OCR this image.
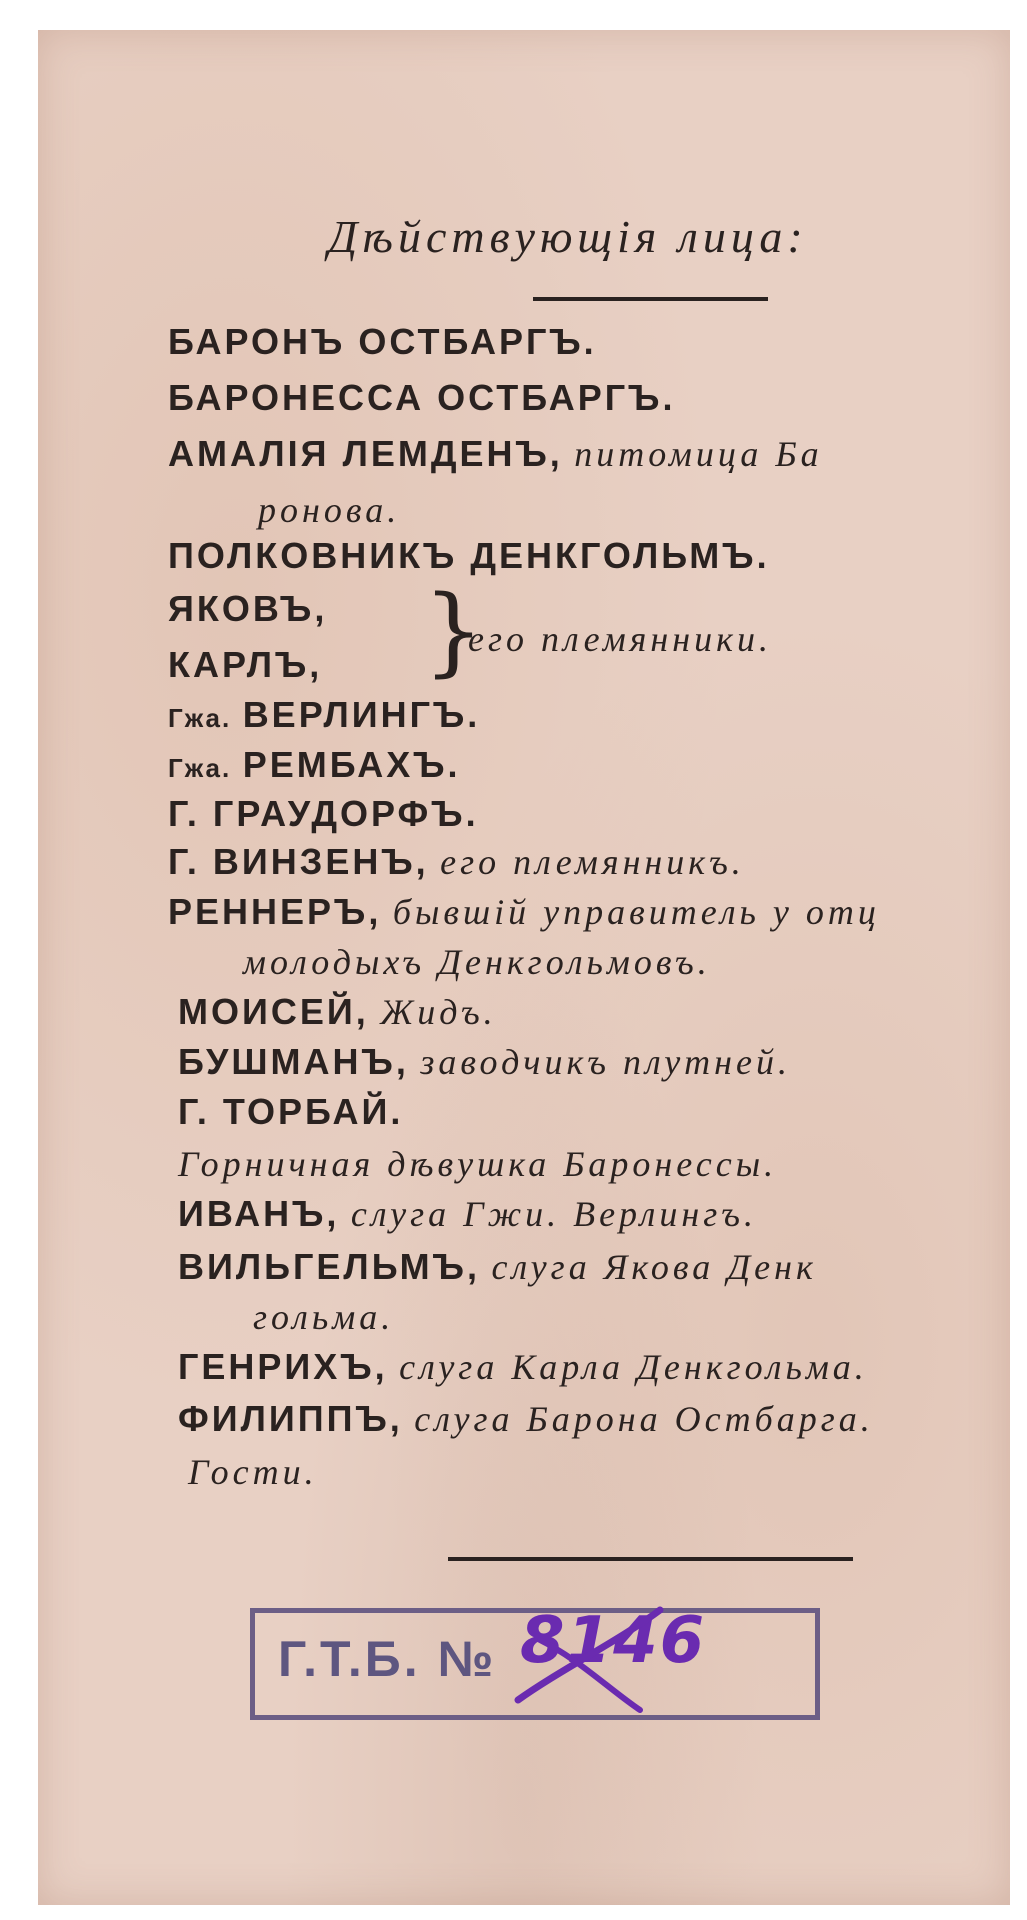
Дѣйствующія лица:
БАРОНЪ ОСТБАРГЪ.
БАРОНЕССА ОСТБАРГЪ.
АМАЛІЯ ЛЕМДЕНЪ, питомица Ба
ронова.
ПОЛКОВНИКЪ ДЕНКГОЛЬМЪ.
ЯКОВЪ,
КАРЛЪ, }
его племянники.
Гжа. ВЕРЛИНГЪ.
Гжа. РЕМБАХЪ.
Г. ГРАУДОРФЪ.
Г. ВИНЗЕНЪ, его племянникъ.
РЕННЕРЪ, бывшій управитель у отц
молодыхъ Денкгольмовъ.
МОИСЕЙ, Жидъ.
БУШМАНЪ, заводчикъ плутней.
Г. ТОРБАЙ.
Горничная дѣвушка Баронессы.
ИВАНЪ, слуга Гжи. Верлингъ.
ВИЛЬГЕЛЬМЪ, слуга Якова Денк
гольма.
ГЕНРИХЪ, слуга Карла Денкгольма.
ФИЛИППЪ, слуга Барона Остбарга.
Гости.
Г.Т.Б. № 8146
